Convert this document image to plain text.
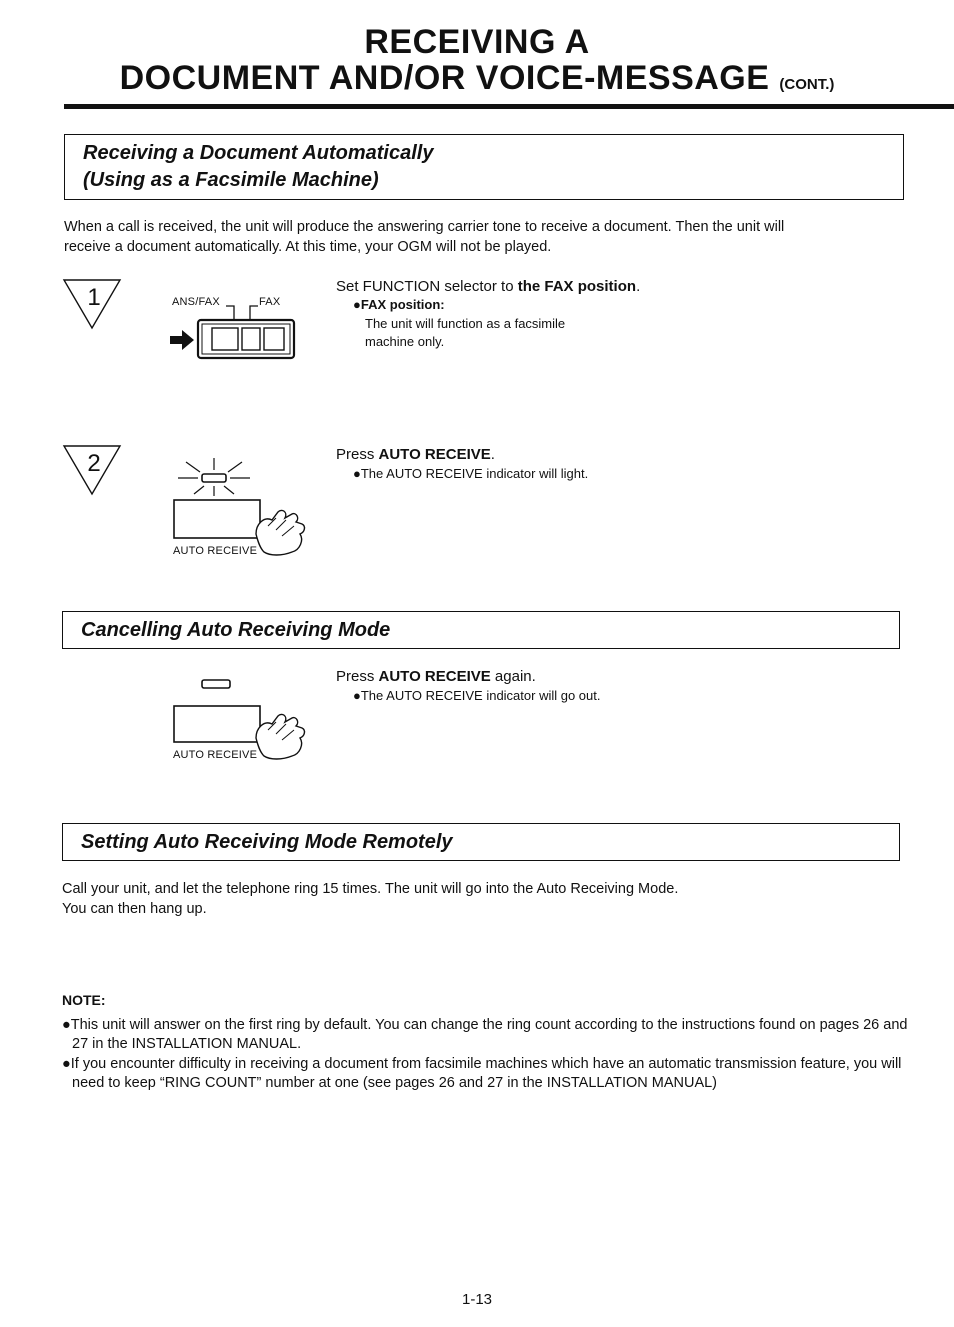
RECEIVING A
DOCUMENT AND/OR VOICE-MESSAGE (CONT.)
Receiving a Document Automatically
(Using as a Facsimile Machine)
When a call is received, the unit will produce the answering carrier tone to receive a document. Then the unit will
receive a document automatically. At this time, your OGM will not be played.
1	ANS/FAX	FAX
Set FUNCTION selector to the FAX position.
●FAX position:
The unit will function as a facsimile
machine only.
2
AUTO RECEIVE
Press AUTO RECEIVE.
●The AUTO RECEIVE indicator will light.
Cancelling Auto Receiving Mode
AUTO RECEIVE
Press AUTO RECEIVE again.
●The AUTO RECEIVE indicator will go out.
Setting Auto Receiving Mode Remotely
Call your unit, and let the telephone ring 15 times. The unit will go into the Auto Receiving Mode.
You can then hang up.
NOTE:
●This unit will answer on the first ring by default. You can change the ring count according to the instructions found on pages 26 and 27 in the INSTALLATION MANUAL.
●If you encounter difficulty in receiving a document from facsimile machines which have an automatic transmission feature, you will need to keep “RING COUNT” number at one (see pages 26 and 27 in the INSTALLATION MANUAL)
1-13
